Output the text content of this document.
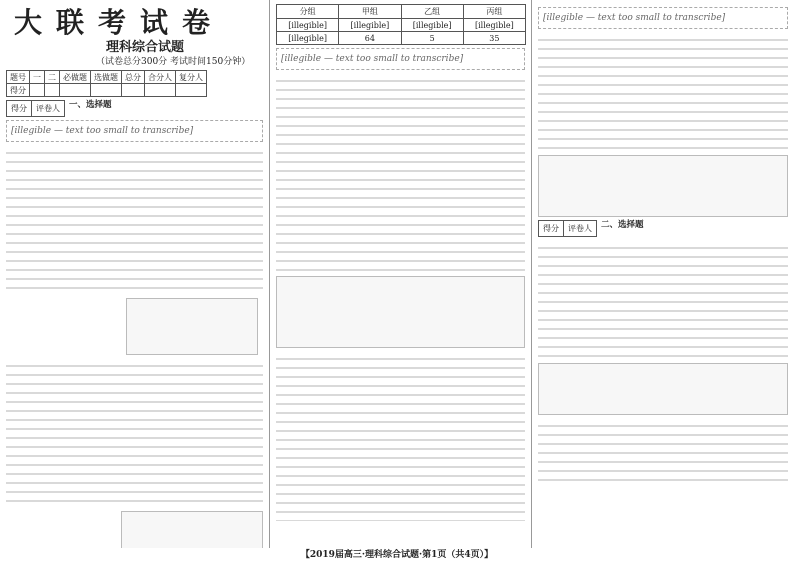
大联考试卷
理科综合试题
（试卷总分300分 考试时间150分钟）
题号	一	二	必做题	选做题	总分	合分人	复分人
得分							
得分	评卷人	一、选择题
[illegible — text too small to transcribe]
分组	甲组	乙组	丙组
[illegible]	[illegible]	[illegible]	[illegible]
[illegible]	64	5	35
[illegible — text too small to transcribe]
[illegible — text too small to transcribe]
得分	评卷人	二、选择题
【2019届高三·理科综合试题·第1页（共4页）】
